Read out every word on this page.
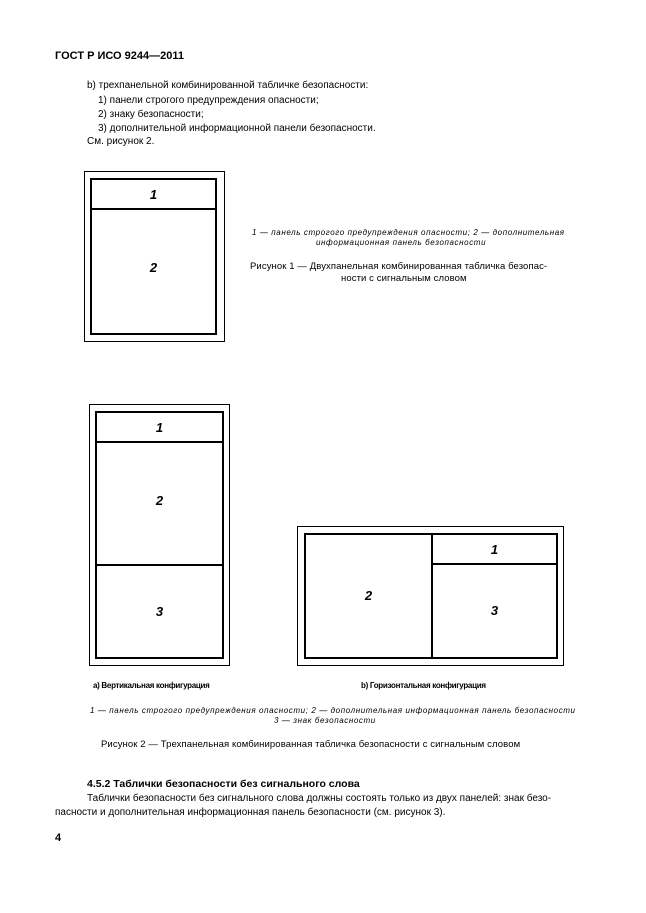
ГОСТ Р ИСО 9244—2011
b) трехпанельной комбинированной табличке безопасности:
1) панели строгого предупреждения опасности;
2) знаку безопасности;
3) дополнительной информационной панели безопасности.
См. рисунок 2.
1
2
1 — панель строгого предупреждения опасности; 2 — дополнительная
информационная панель безопасности
Рисунок 1 — Двухпанельная комбинированная табличка безопас-
ности с сигнальным словом
1
2
3
а) Вертикальная конфигурация
2
1
3
b) Горизонтальная конфигурация
1 — панель строгого предупреждения опасности; 2 — дополнительная информационная панель безопасности
3 — знак безопасности
Рисунок 2 — Трехпанельная комбинированная табличка безопасности с сигнальным словом
4.5.2 Таблички безопасности без сигнального слова
Таблички безопасности без сигнального слова должны состоять только из двух панелей: знак безо-
пасности и дополнительная информационная панель безопасности (см. рисунок 3).
4
